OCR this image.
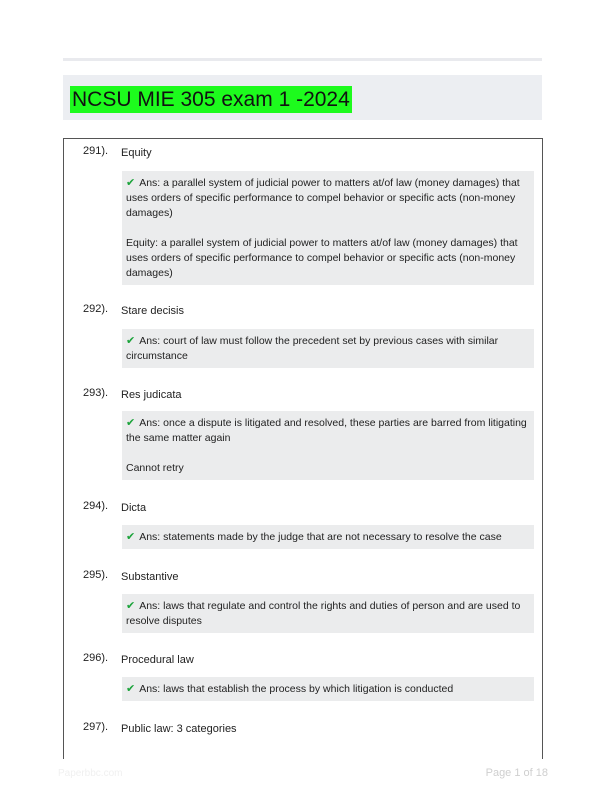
NCSU MIE 305 exam 1 -2024
291). Equity
✔ Ans: a parallel system of judicial power to matters at/of law (money damages) that uses orders of specific performance to compel behavior or specific acts (non-money damages)
Equity: a parallel system of judicial power to matters at/of law (money damages) that uses orders of specific performance to compel behavior or specific acts (non-money damages)
292). Stare decisis
✔ Ans: court of law must follow the precedent set by previous cases with similar circumstance
293). Res judicata
✔ Ans: once a dispute is litigated and resolved, these parties are barred from litigating the same matter again
Cannot retry
294). Dicta
✔ Ans: statements made by the judge that are not necessary to resolve the case
295). Substantive
✔ Ans: laws that regulate and control the rights and duties of person and are used to resolve disputes
296). Procedural law
✔ Ans: laws that establish the process by which litigation is conducted
297). Public law: 3 categories
Paperbbc.com	Page 1 of 18
